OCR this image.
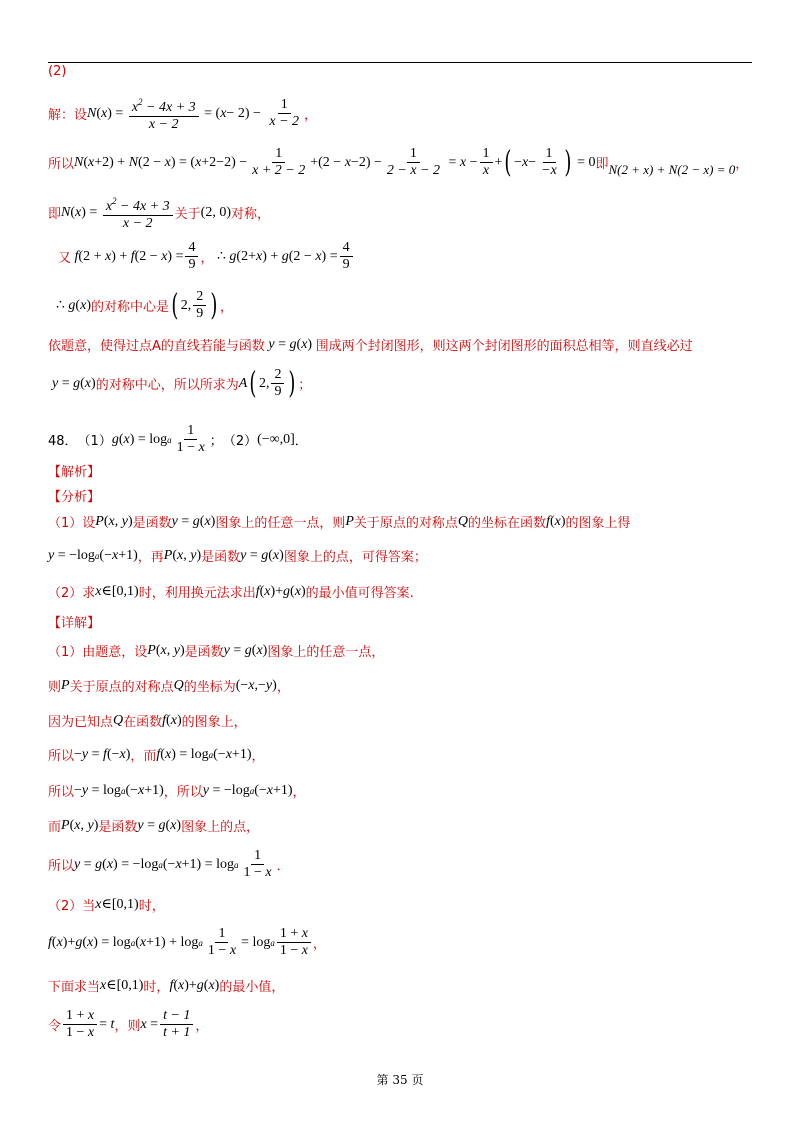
(2)
解：设 N ( x ) = $\frac{x^2 - 4x + 3}{x - 2}$ = ( $x - 2) - \frac{1}{x - 2}$ ，
所以 N ( x +2) + N (2 − x ) = ( $x +2-2) - \frac{1}{x + 2 - 2} +(2 - x -2) - \frac{1}{2 - x - 2} = x - \frac{1}{x}$ + ( − $x - \frac{1}{-x}$ ) = 0 即 N(2 + x) + N(2 − x) = 0 ，
即 N ( x ) = $\frac{x^2 - 4x + 3}{x - 2}$ 关于 (2, 0) 对称，
又 f (2 + x ) + f (2 − x ) = $\frac{4}{9}$ ， ∴ g (2+ x ) + g (2 − x ) = $\frac{4}{9}$
∴ g ( x ) 的对称中心是 ( 2, $\frac{2}{9}$ ) ，
依题意，使得过点A的直线若能与函数 y = g ( x ) 围成两个封闭图形，则这两个封闭图形的面积总相等，则直线必过
y = g ( x ) 的对称中心，所以所求为 A ( 2, $\frac{2}{9}$ ) ；
48． （1） g ( x ) = log a $\frac{1}{1 - x}$ ； （2） (−∞,0] ．
【解析】
【分析】
（1）设 P ( x , y ) 是函数 y = g ( x ) 图象上的任意一点，则 P 关于原点的对称点 Q 的坐标在函数 f ( x ) 的图象上得
y = −log a (− x +1) ，再 P ( x , y ) 是函数 y = g ( x ) 图象上的点，可得答案；
（2）求 x ∈[0,1) 时，利用换元法求出 f ( x )+ g ( x ) 的最小值可得答案.
【详解】
（1）由题意，设 P ( x , y ) 是函数 y = g ( x ) 图象上的任意一点，
则 P 关于原点的对称点 Q 的坐标为 (− x ,− y ) ，
因为已知点 Q 在函数 f ( x ) 的图象上，
所以 − y = f (− x ) ，而 f ( x ) = log a (− x +1) ，
所以 − y = log a (− x +1) ，所以 y = −log a (− x +1) ，
而 P ( x , y ) 是函数 y = g ( x ) 图象上的点，
所以 y = g ( x ) = −log a (− x +1) = log a $\frac{1}{1 - x}$ ．
（2）当 x ∈[0,1) 时，
f ( x )+ g ( x ) = log a ( x +1) + log a $\frac{1}{1 - x} = \log a \frac{1 + x}{1 - x}$ ，
下面求当 x ∈[0,1) 时， f ( x )+ g ( x ) 的最小值，
令 $\frac{1 + x}{1 - x} = t$ ，则 $x = \frac{t - 1}{t + 1}$ ，
第 35 页
